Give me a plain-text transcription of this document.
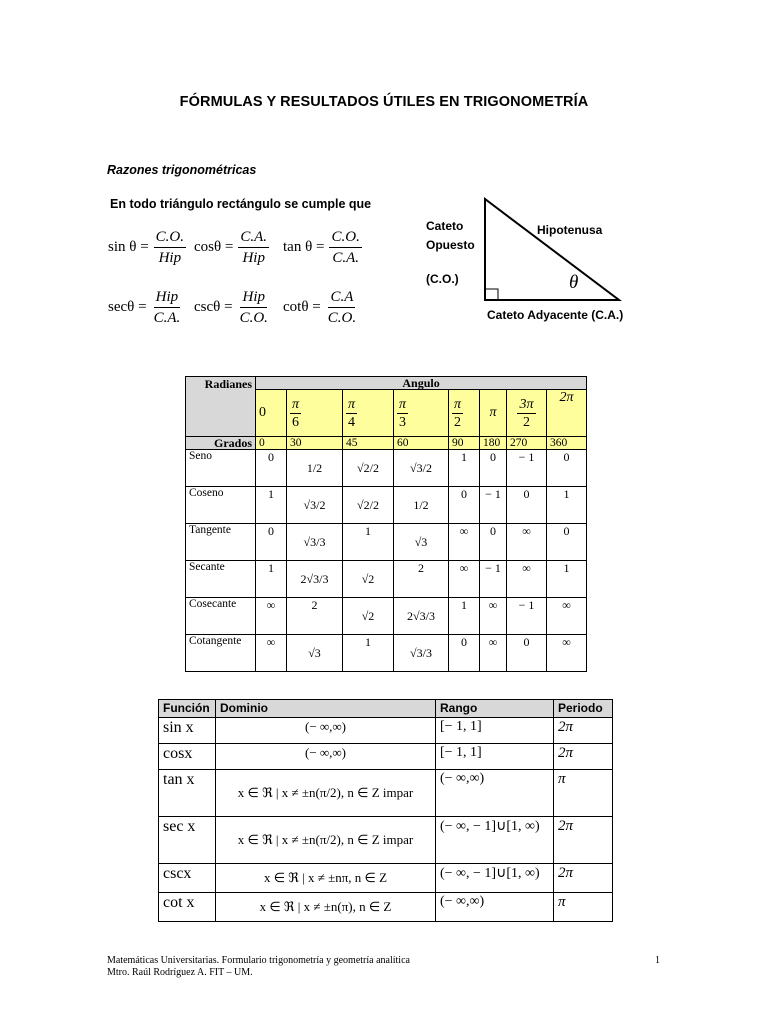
FÓRMULAS Y RESULTADOS ÚTILES EN TRIGONOMETRÍA
Razones trigonométricas
En todo triángulo rectángulo se cumple que
sin θ =
C.O.
Hip
cosθ =
C.A.
Hip
$\tan \theta = \frac{C.O.}{C.A.}$
secθ =
Hip
C.A.
cscθ =
Hip
C.O.
$\cot\theta = \frac{C.A}{C.O.}$
Cateto
Opuesto
(C.O.)
Hipotenusa
Cateto Adyacente (C.A.)
θ
Radianes	Angulo							
	0	$\frac{\pi}{6}$	$\frac{\pi}{4}$	$\frac{\pi}{3}$	$\frac{\pi}{2}$	π	$\frac{3\pi}{2}$	2π
Grados	0	30	45	60	90	180	270	360
Seno	0	1/2	√2/2	√3/2	1	0	− 1	0
Coseno	1	√3/2	√2/2	1/2	0	− 1	0	1
Tangente	0	√3/3	1	√3	∞	0	∞	0
Secante	1	2√3/3	√2	2	∞	− 1	∞	1
Cosecante	∞	2	√2	2√3/3	1	∞	− 1	∞
Cotangente	∞	√3	1	√3/3	0	∞	0	∞
Función	Dominio	Rango	Periodo
sin x	(− ∞,∞)	[− 1, 1]	2π
cosx	(− ∞,∞)	[− 1, 1]	2π
tan x	x ∈ ℜ | x ≠ ±n(π/2), n ∈ Z impar	(− ∞,∞)	π
sec x	x ∈ ℜ | x ≠ ±n(π/2), n ∈ Z impar	(− ∞, − 1]∪[1, ∞)	2π
cscx	x ∈ ℜ | x ≠ ±nπ, n ∈ Z	(− ∞, − 1]∪[1, ∞)	2π
cot x	x ∈ ℜ | x ≠ ±n(π), n ∈ Z	(− ∞,∞)	π
Matemáticas Universitarias. Formulario trigonometría y geometría analítica
Mtro. Raúl Rodríguez A. FIT – UM.
1
